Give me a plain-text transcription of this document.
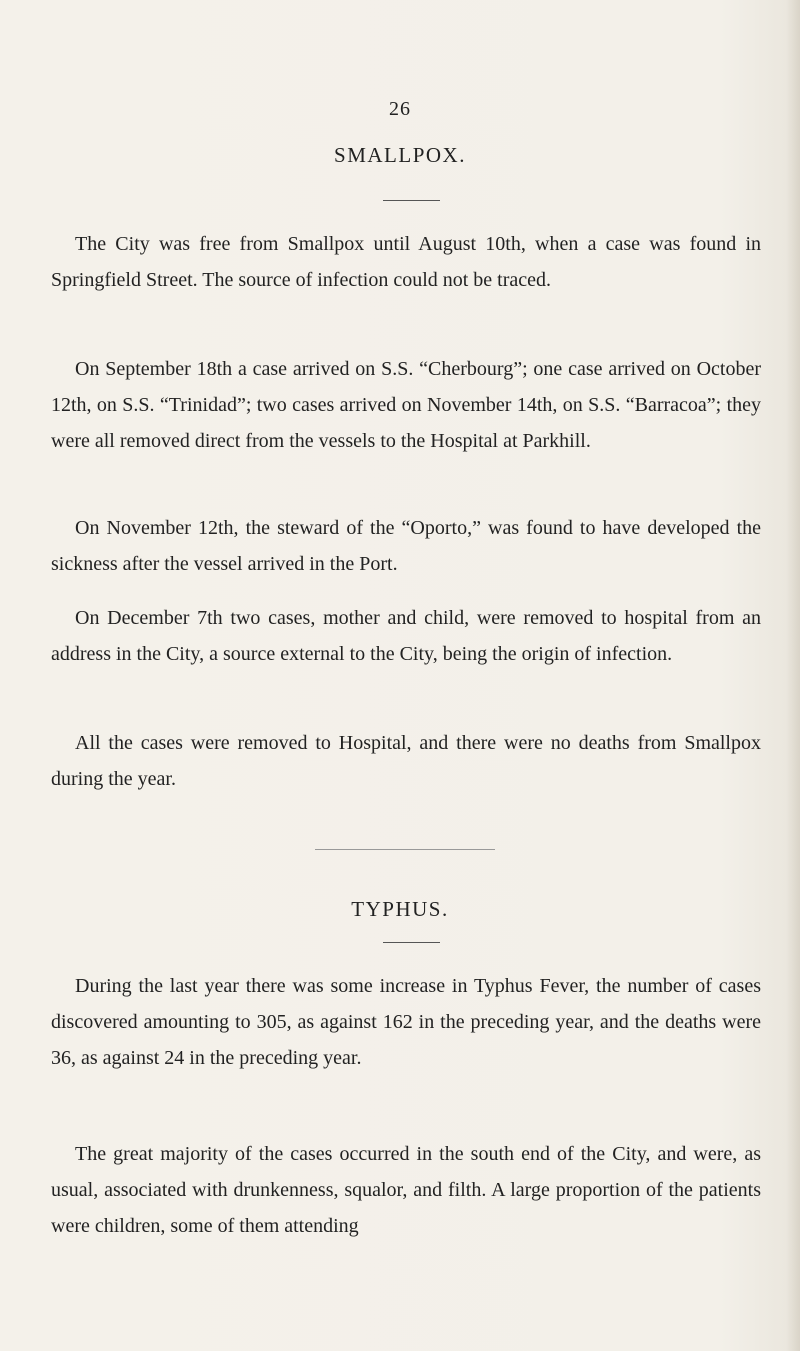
26
SMALLPOX.

The City was free from Smallpox until August 10th, when a case was found in Springfield Street. The source of infection could not be traced.

On September 18th a case arrived on S.S. “Cherbourg”; one case arrived on October 12th, on S.S. “Trinidad”; two cases arrived on November 14th, on S.S. “Barracoa”; they were all removed direct from the vessels to the Hospital at Parkhill.

On November 12th, the steward of the “Oporto,” was found to have developed the sickness after the vessel arrived in the Port.

On December 7th two cases, mother and child, were removed to hospital from an address in the City, a source external to the City, being the origin of infection.

All the cases were removed to Hospital, and there were no deaths from Smallpox during the year.

TYPHUS.

During the last year there was some increase in Typhus Fever, the number of cases discovered amounting to 305, as against 162 in the preceding year, and the deaths were 36, as against 24 in the preceding year.

The great majority of the cases occurred in the south end of the City, and were, as usual, associated with drunkenness, squalor, and filth. A large proportion of the patients were children, some of them attending
